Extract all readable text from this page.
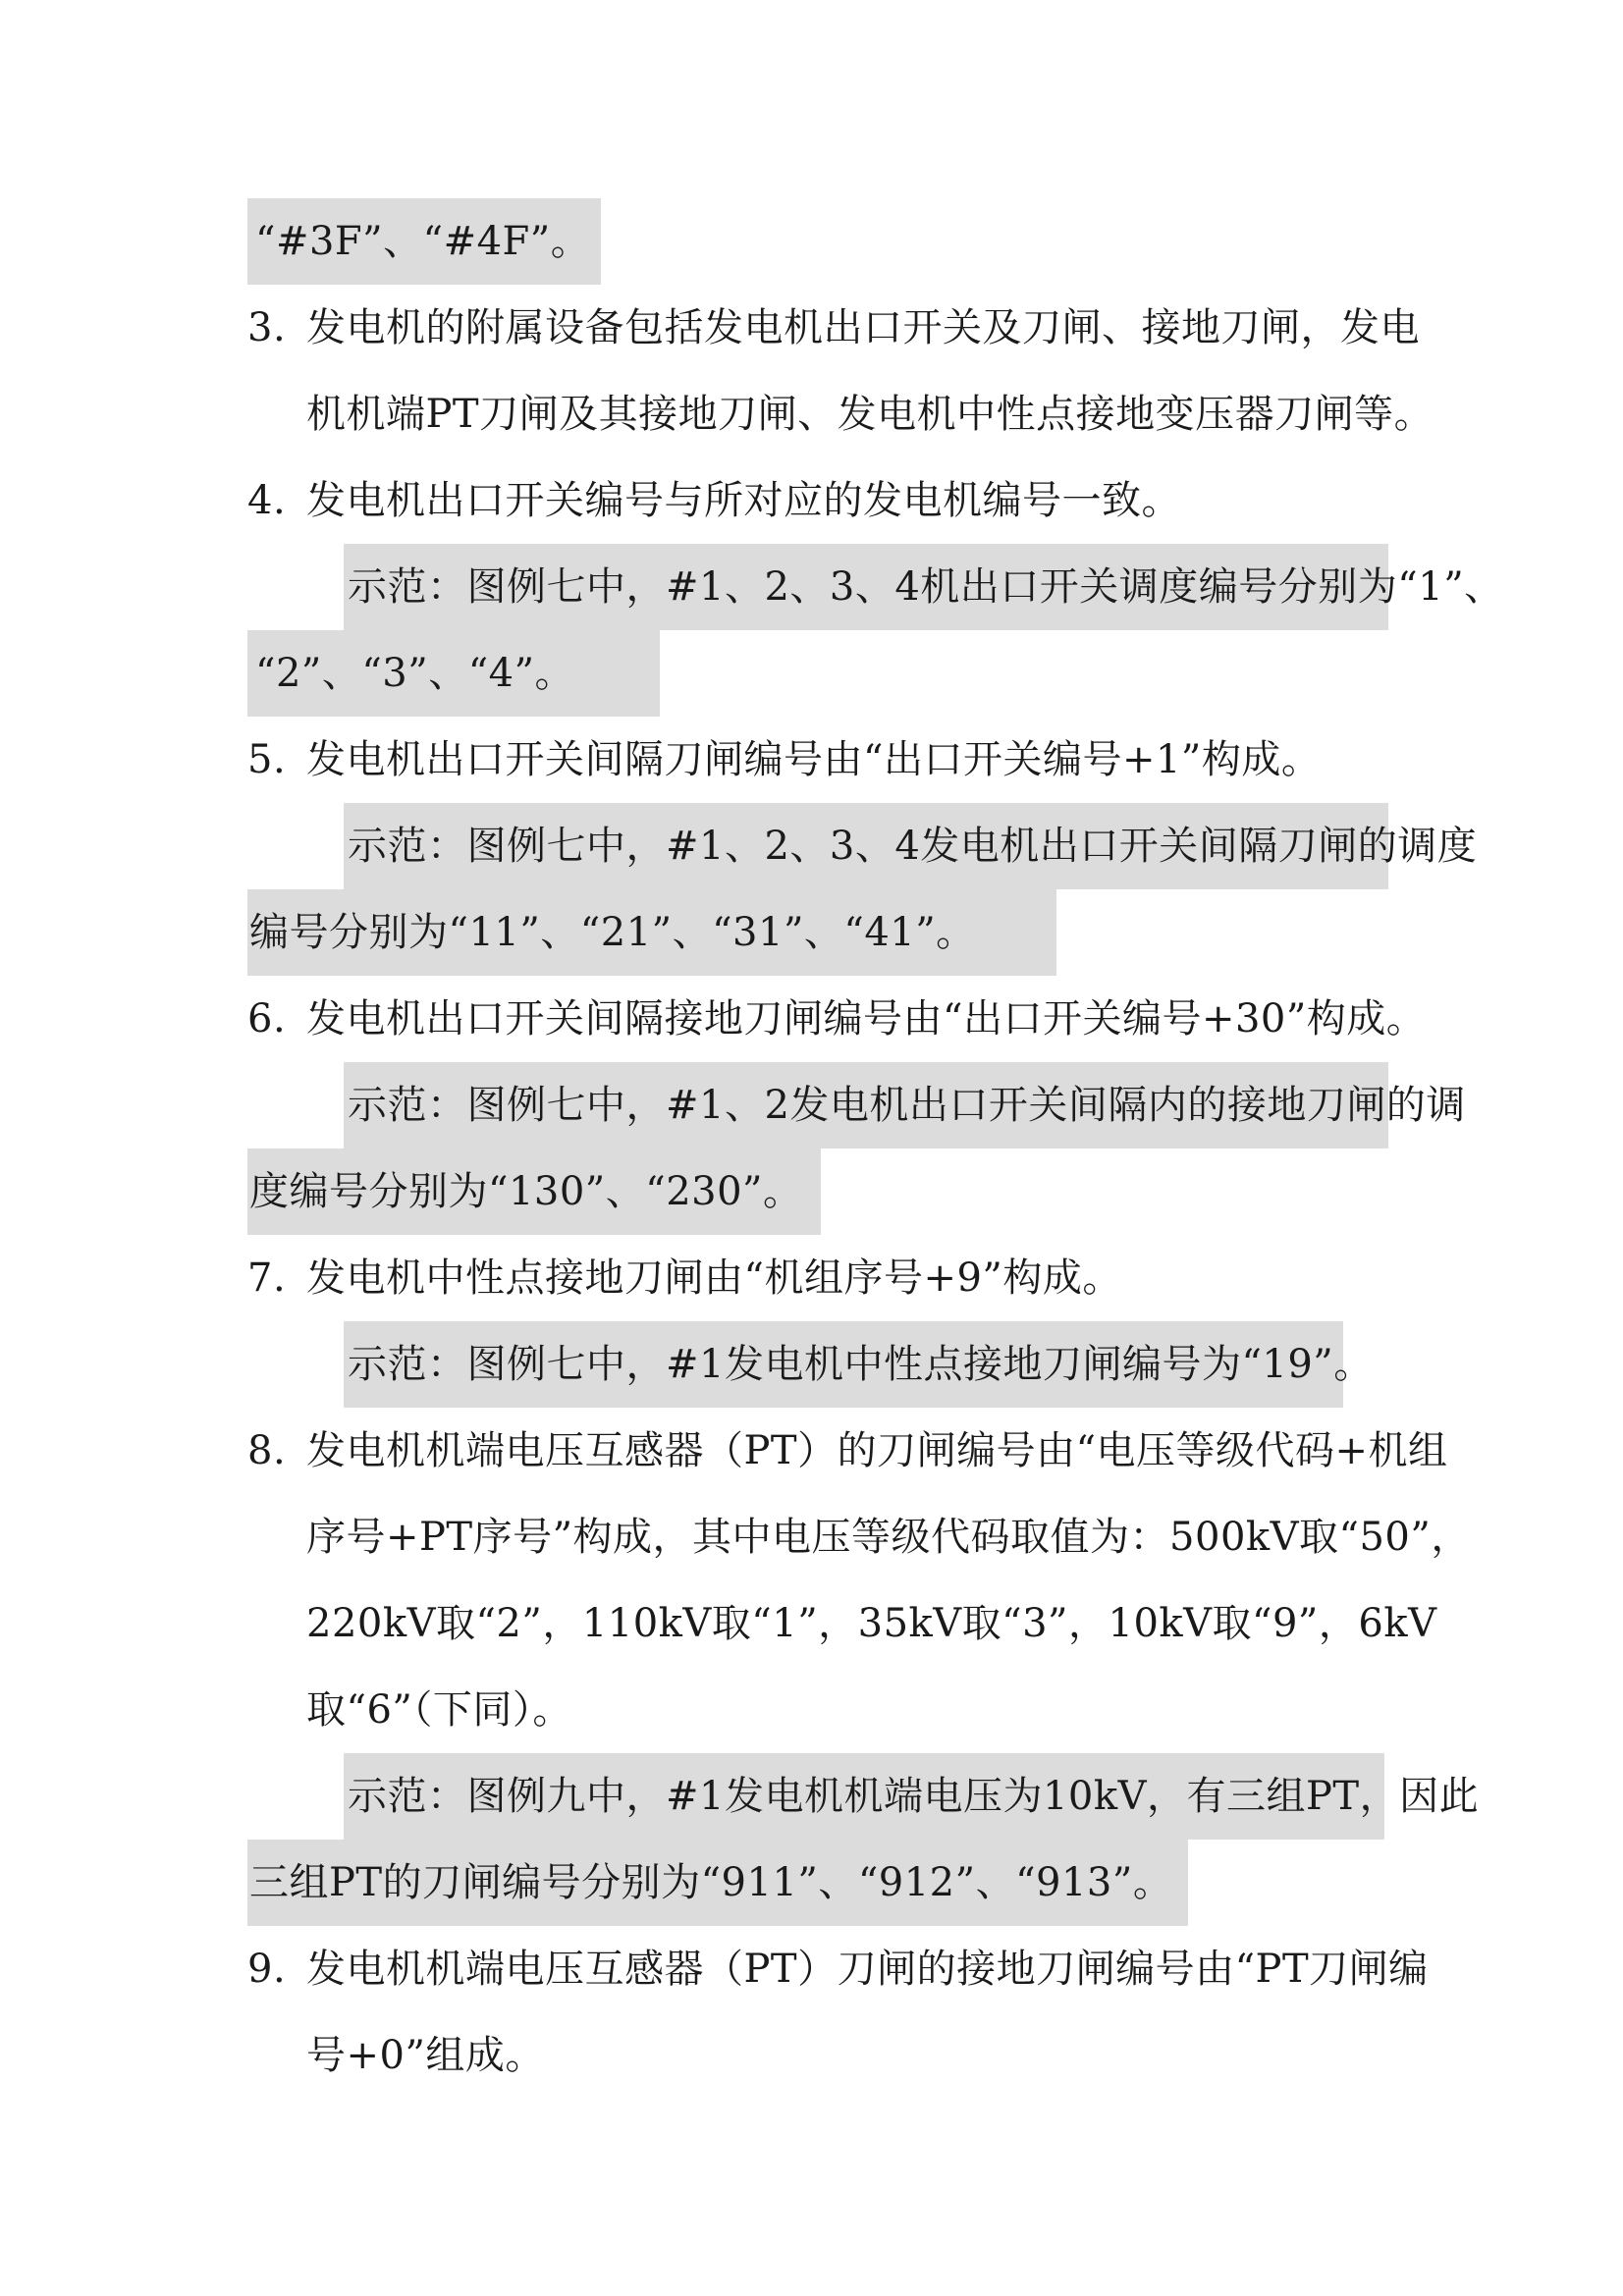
“#3F”、“#4F”。
3. 发电机的附属设备包括发电机出口开关及刀闸、接地刀闸，发电
机机端PT刀闸及其接地刀闸、发电机中性点接地变压器刀闸等。
4. 发电机出口开关编号与所对应的发电机编号一致。
示范：图例七中，#1、2、3、4机出口开关调度编号分别为“1”、
“2”、“3”、“4”。
5. 发电机出口开关间隔刀闸编号由“出口开关编号+1”构成。
示范：图例七中，#1、2、3、4发电机出口开关间隔刀闸的调度
编号分别为“11”、“21”、“31”、“41”。
6. 发电机出口开关间隔接地刀闸编号由“出口开关编号+30”构成。
示范：图例七中，#1、2发电机出口开关间隔内的接地刀闸的调
度编号分别为“130”、“230”。
7. 发电机中性点接地刀闸由“机组序号+9”构成。
示范：图例七中，#1发电机中性点接地刀闸编号为“19”。
8. 发电机机端电压互感器（PT）的刀闸编号由“电压等级代码+机组
序号+PT序号”构成，其中电压等级代码取值为：500kV取“50”，
220kV取“2”，110kV取“1”，35kV取“3”，10kV取“9”，6kV
取“6”（下同）。
示范：图例九中，#1发电机机端电压为10kV，有三组PT，因此
三组PT的刀闸编号分别为“911”、“912”、“913”。
9. 发电机机端电压互感器（PT）刀闸的接地刀闸编号由“PT刀闸编
号+0”组成。
